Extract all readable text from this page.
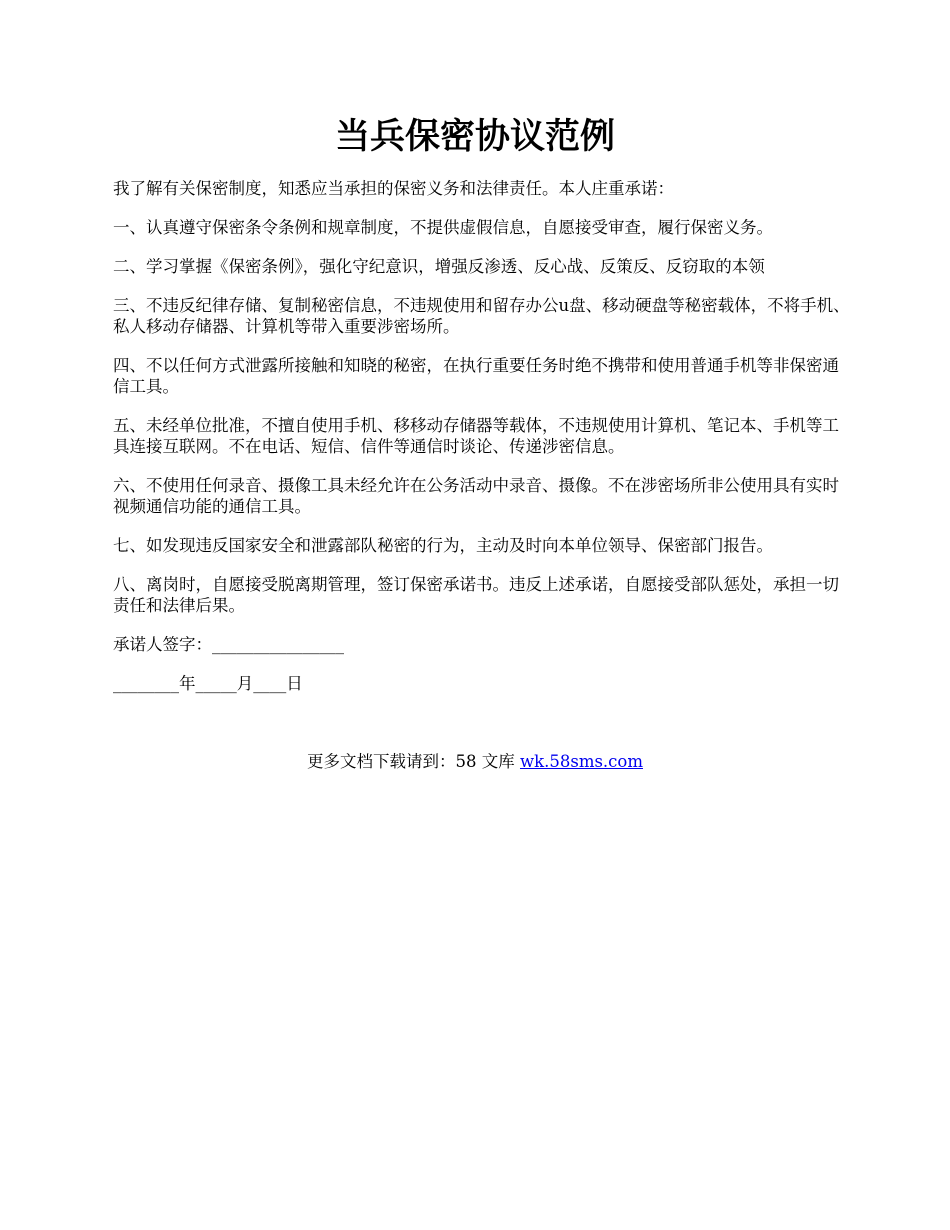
当兵保密协议范例

我了解有关保密制度，知悉应当承担的保密义务和法律责任。本人庄重承诺：

一、认真遵守保密条令条例和规章制度，不提供虚假信息，自愿接受审查，履行保密义务。

二、学习掌握《保密条例》，强化守纪意识，增强反渗透、反心战、反策反、反窃取的本领

三、不违反纪律存储、复制秘密信息，不违规使用和留存办公u盘、移动硬盘等秘密载体，不将手机、私人移动存储器、计算机等带入重要涉密场所。

四、不以任何方式泄露所接触和知晓的秘密，在执行重要任务时绝不携带和使用普通手机等非保密通信工具。

五、未经单位批准，不擅自使用手机、移移动存储器等载体，不违规使用计算机、笔记本、手机等工具连接互联网。不在电话、短信、信件等通信时谈论、传递涉密信息。

六、不使用任何录音、摄像工具未经允许在公务活动中录音、摄像。不在涉密场所非公使用具有实时视频通信功能的通信工具。

七、如发现违反国家安全和泄露部队秘密的行为，主动及时向本单位领导、保密部门报告。

八、离岗时，自愿接受脱离期管理，签订保密承诺书。违反上述承诺，自愿接受部队惩处，承担一切责任和法律后果。

承诺人签字：________________

________年_____月____日

更多文档下载请到：58 文库 wk.58sms.com
